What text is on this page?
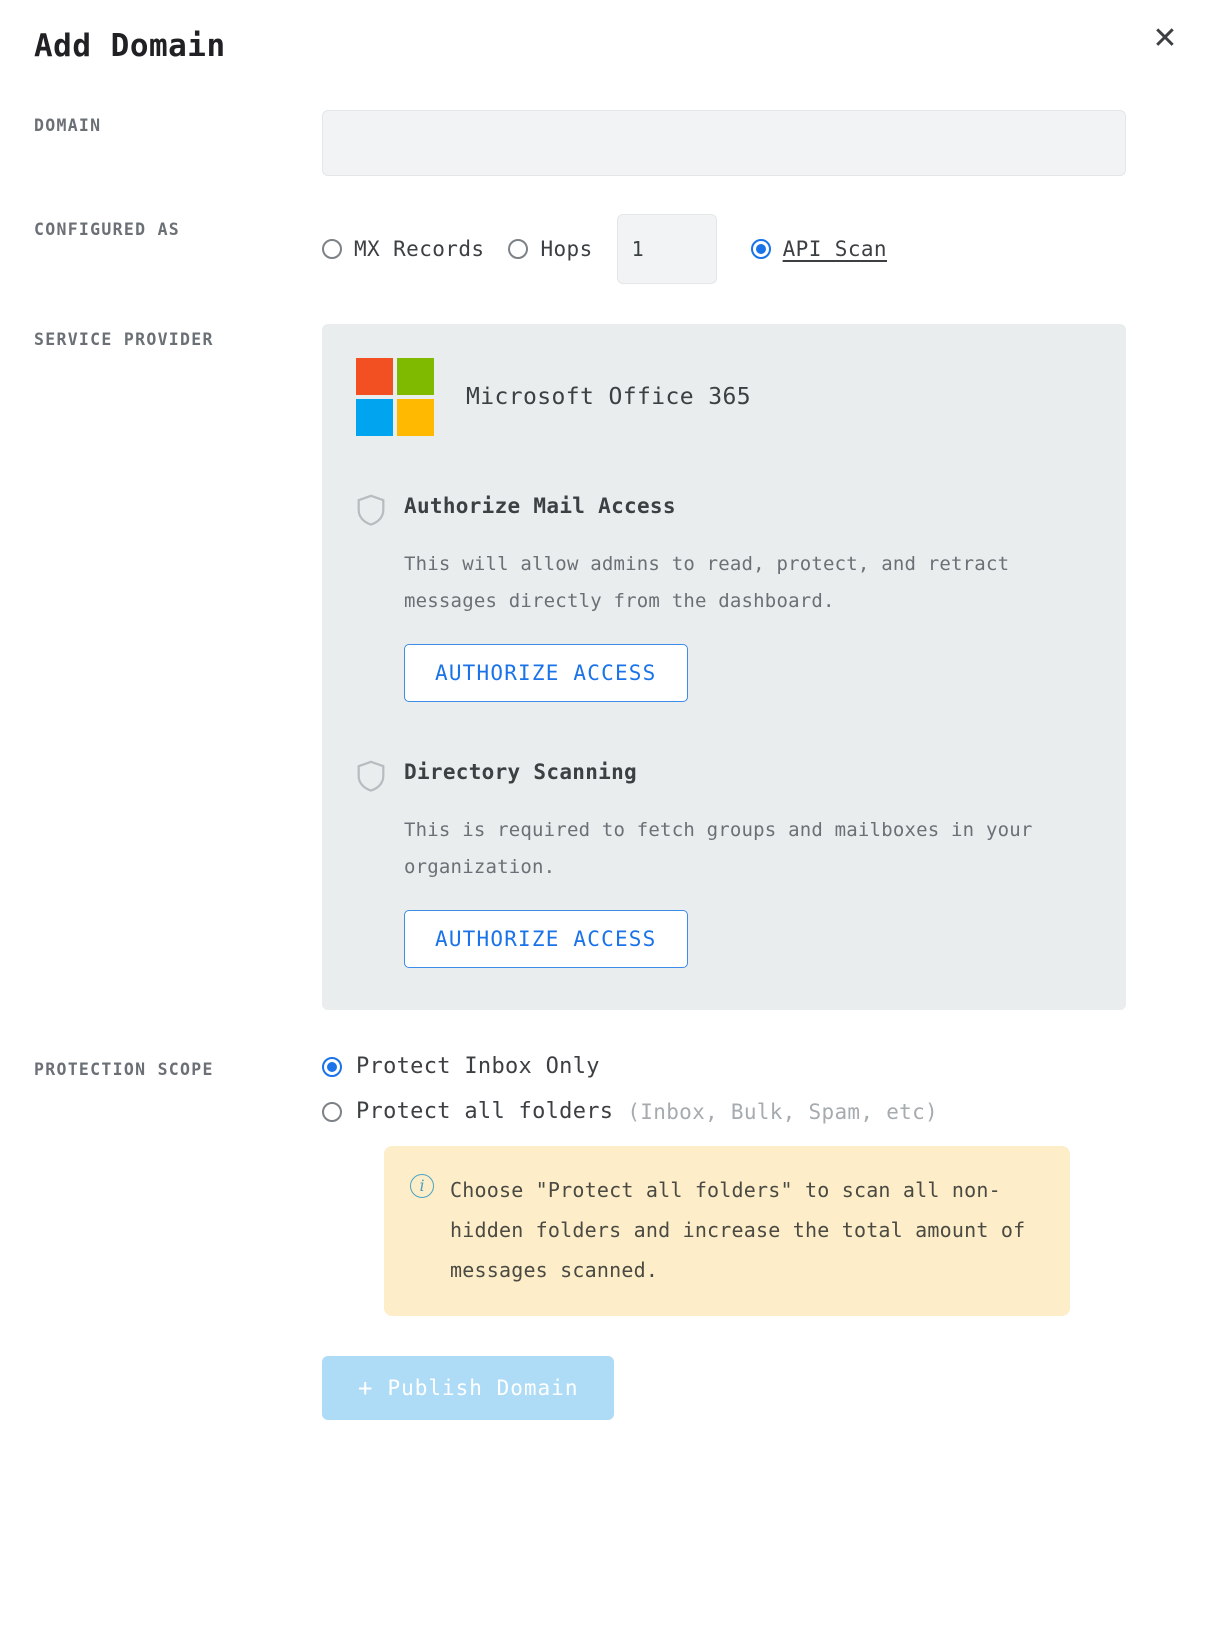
Add Domain	✕
DOMAIN
CONFIGURED AS
MX Records	Hops
1	API Scan
SERVICE PROVIDER
Microsoft Office 365
Authorize Mail Access
This will allow admins to read, protect, and retract messages directly from the dashboard.
AUTHORIZE ACCESS
Directory Scanning
This is required to fetch groups and mailboxes in your organization.
AUTHORIZE ACCESS
PROTECTION SCOPE	Protect Inbox Only
Protect all folders (Inbox, Bulk, Spam, etc)
i	Choose "Protect all folders" to scan all non-hidden folders and increase the total amount of messages scanned.
+ Publish Domain
